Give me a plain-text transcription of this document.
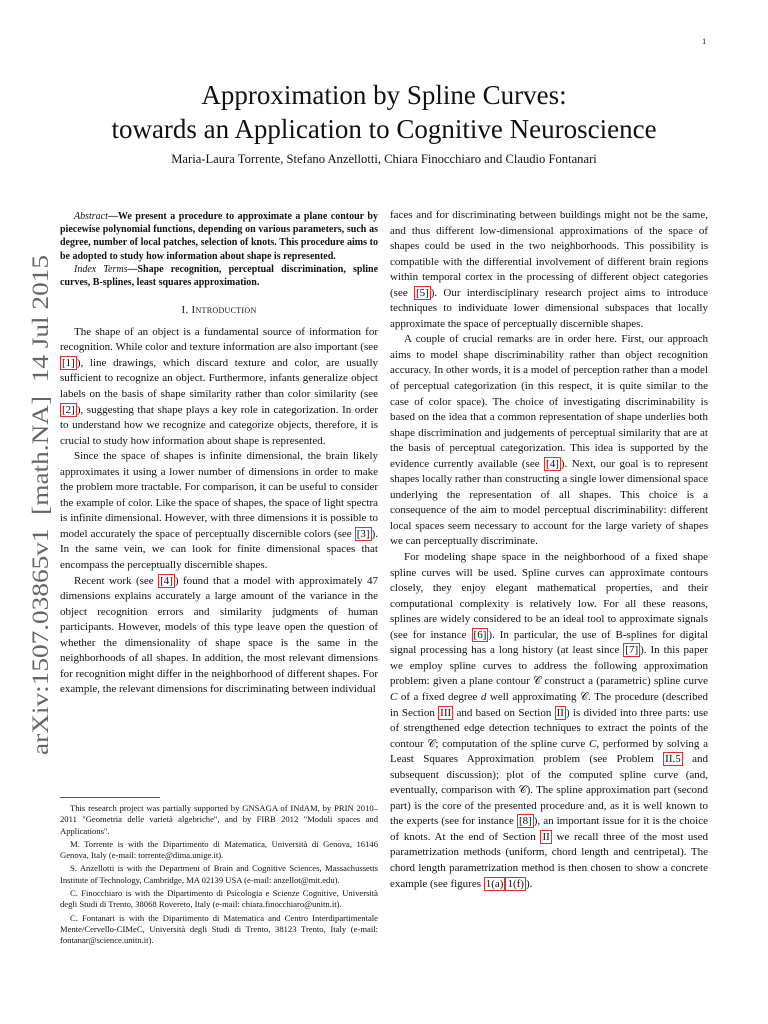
1
arXiv:1507.03865v1  [math.NA]  14 Jul 2015
Approximation by Spline Curves:
towards an Application to Cognitive Neuroscience
Maria-Laura Torrente, Stefano Anzellotti, Chiara Finocchiaro and Claudio Fontanari

Abstract—We present a procedure to approximate a plane contour by piecewise polynomial functions, depending on various parameters, such as degree, number of local patches, selection of knots. This procedure aims to be adopted to study how information about shape is represented.

Index Terms—Shape recognition, perceptual discrimination, spline curves, B-splines, least squares approximation.

I. Introduction

The shape of an object is a fundamental source of information for recognition. While color and texture information are also important (see [1] ), line drawings, which discard texture and color, are usually sufficient to recognize an object. Furthermore, infants generalize object labels on the basis of shape similarity rather than color similarity (see [2] ), suggesting that shape plays a key role in categorization. In order to understand how we recognize and categorize objects, therefore, it is crucial to study how information about shape is represented.

Since the space of shapes is infinite dimensional, the brain likely approximates it using a lower number of dimensions in order to make the problem more tractable. For comparison, it can be useful to consider the example of color. Like the space of shapes, the space of light spectra is infinite dimensional. However, with three dimensions it is possible to model accurately the space of perceptually discernible colors (see [3] ). In the same vein, we can look for finite dimensional spaces that encompass the perceptually discernible shapes.

Recent work (see [4] ) found that a model with approximately 47 dimensions explains accurately a large amount of the variance in the object recognition errors and similarity judgments of human participants. However, models of this type leave open the question of whether the dimensionality of shape space is the same in the neighborhoods of all shapes. In addition, the most relevant dimensions for recognition might differ in the neighborhood of different shapes. For example, the relevant dimensions for discriminating between individual

This research project was partially supported by GNSAGA of INdAM, by PRIN 2010–2011 "Geometria delle varietà algebriche", and by FIRB 2012 "Moduli spaces and Applications".

M. Torrente is with the Dipartimento di Matematica, Università di Genova, 16146 Genova, Italy (e-mail: torrente@dima.unige.it).

S. Anzellotti is with the Department of Brain and Cognitive Sciences, Massachussetts Institute of Technology, Cambridge, MA 02139 USA (e-mail: anzellot@mit.edu).

C. Finocchiaro is with the Dipartimento di Psicologia e Scienze Cognitive, Università degli Studi di Trento, 38068 Rovereto, Italy (e-mail: chiara.finocchiaro@unitn.it).

C. Fontanari is with the Dipartimento di Matematica and Centro Interdipartimentale Mente/Cervello-CIMeC, Università degli Studi di Trento, 38123 Trento, Italy (e-mail: fontanar@science.unitn.it).

faces and for discriminating between buildings might not be the same, and thus different low-dimensional approximations of the space of shapes could be used in the two neighborhoods. This possibility is compatible with the differential involvement of different brain regions within temporal cortex in the processing of different object categories (see [5] ). Our interdisciplinary research project aims to introduce techniques to individuate lower dimensional subspaces that locally approximate the space of perceptually discernible shapes.

A couple of crucial remarks are in order here. First, our approach aims to model shape discriminability rather than object recognition accuracy. In other words, it is a model of perception rather than a model of perceptual categorization (in this respect, it is quite similar to the case of color space). The choice of investigating discriminability is based on the idea that a common representation of shape underlies both shape discrimination and judgements of perceptual similarity that are at the basis of perceptual categorization. This idea is supported by the evidence currently available (see [4] ). Next, our goal is to represent shapes locally rather than constructing a single lower dimensional space underlying the representation of all shapes. This choice is a consequence of the aim to model perceptual discriminability: different local spaces seem necessary to account for the large variety of shapes we can perceptually discriminate.

For modeling shape space in the neighborhood of a fixed shape spline curves will be used. Spline curves can approximate contours closely, they enjoy elegant mathematical properties, and their computational complexity is relatively low. For all these reasons, splines are widely considered to be an ideal tool to approximate signals (see for instance [6] ). In particular, the use of B-splines for digital signal processing has a long history (at least since [7] ). In this paper we employ spline curves to address the following approximation problem: given a plane contour 𝒞 construct a (parametric) spline curve C of a fixed degree d well approximating 𝒞. The procedure (described in Section III and based on Section II ) is divided into three parts: use of strengthened edge detection techniques to extract the points of the contour 𝒞; computation of the spline curve C, performed by solving a Least Squares Approximation problem (see Problem II.5 and subsequent discussion); plot of the computed spline curve (and, eventually, comparison with 𝒞). The spline approximation part (second part) is the core of the presented procedure and, as it is well known to the experts (see for instance [8] ), an important issue for it is the choice of knots. At the end of Section II we recall three of the most used parametrization methods (uniform, chord length and centripetal). The chord length parametrization method is then chosen to show a concrete example (see figures 1(a) 1(f) ).
